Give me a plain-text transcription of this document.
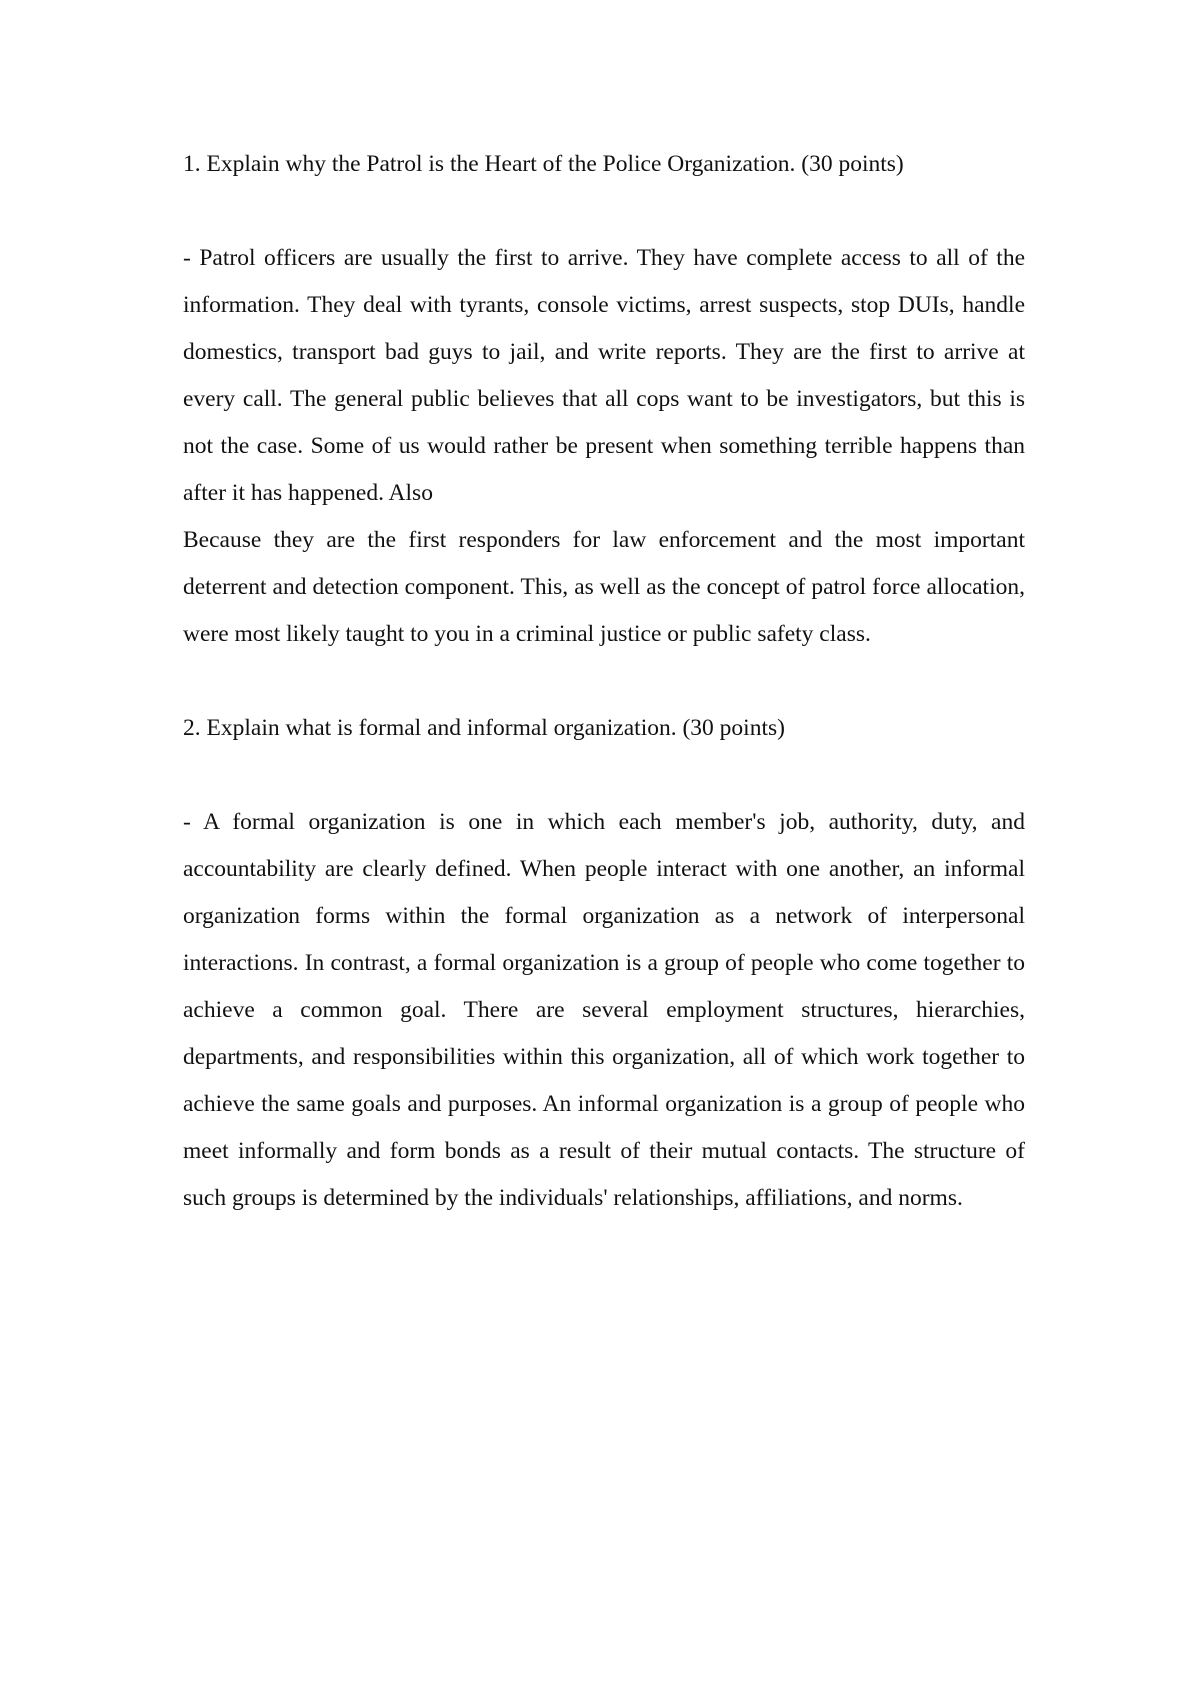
1. Explain why the Patrol is the Heart of the Police Organization. (30 points)

- Patrol officers are usually the first to arrive. They have complete access to all of the information. They deal with tyrants, console victims, arrest suspects, stop DUIs, handle domestics, transport bad guys to jail, and write reports. They are the first to arrive at every call. The general public believes that all cops want to be investigators, but this is not the case. Some of us would rather be present when something terrible happens than after it has happened. Also
Because they are the first responders for law enforcement and the most important deterrent and detection component. This, as well as the concept of patrol force allocation, were most likely taught to you in a criminal justice or public safety class.

2. Explain what is formal and informal organization. (30 points)

- A formal organization is one in which each member's job, authority, duty, and accountability are clearly defined. When people interact with one another, an informal organization forms within the formal organization as a network of interpersonal interactions. In contrast, a formal organization is a group of people who come together to achieve a common goal. There are several employment structures, hierarchies, departments, and responsibilities within this organization, all of which work together to achieve the same goals and purposes. An informal organization is a group of people who meet informally and form bonds as a result of their mutual contacts. The structure of such groups is determined by the individuals' relationships, affiliations, and norms.
